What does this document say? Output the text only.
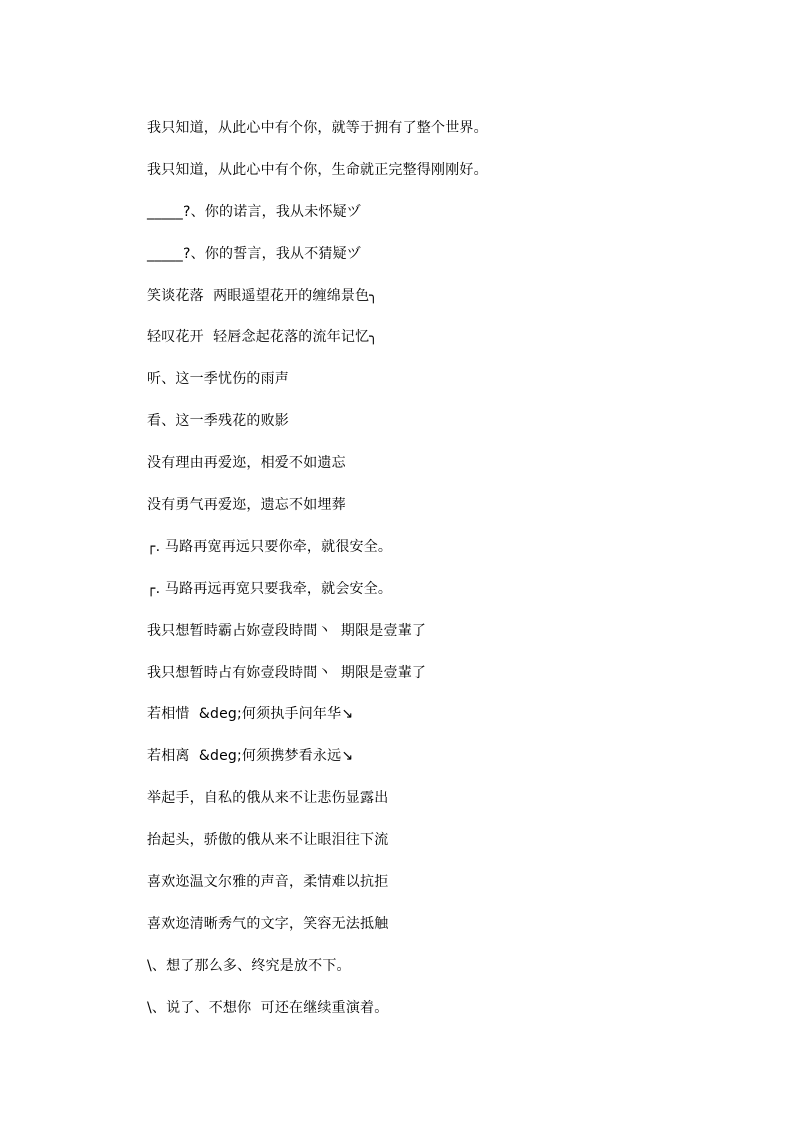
我只知道，从此心中有个你，就等于拥有了整个世界。
我只知道，从此心中有个你，生命就正完整得刚刚好。
_____?、你的诺言，我从未怀疑ヅ
_____?、你的誓言，我从不猜疑ヅ
笑谈花落  两眼遥望花开的缠绵景色╮
轻叹花开  轻唇念起花落的流年记忆╮
听、这一季忧伤的雨声
看、这一季残花的败影
没有理由再爱迩，相爱不如遗忘
没有勇气再爱迩，遗忘不如埋葬
┌. 马路再宽再远只要你牵，就很安全。
┌. 马路再远再宽只要我牵，就会安全。
我只想暂時霸占妳壹段時間丶  期限是壹輩了
我只想暂時占有妳壹段時間丶  期限是壹輩了
若相惜  &deg;何须执手问年华↘
若相离  &deg;何须携梦看永远↘
举起手，自私的俄从来不让悲伤显露出
抬起头，骄傲的俄从来不让眼泪往下流
喜欢迩温文尔雅的声音，柔情难以抗拒
喜欢迩清晰秀气的文字，笑容无法抵触
\、想了那么多、终究是放不下。
\、说了、不想你  可还在继续重演着。
